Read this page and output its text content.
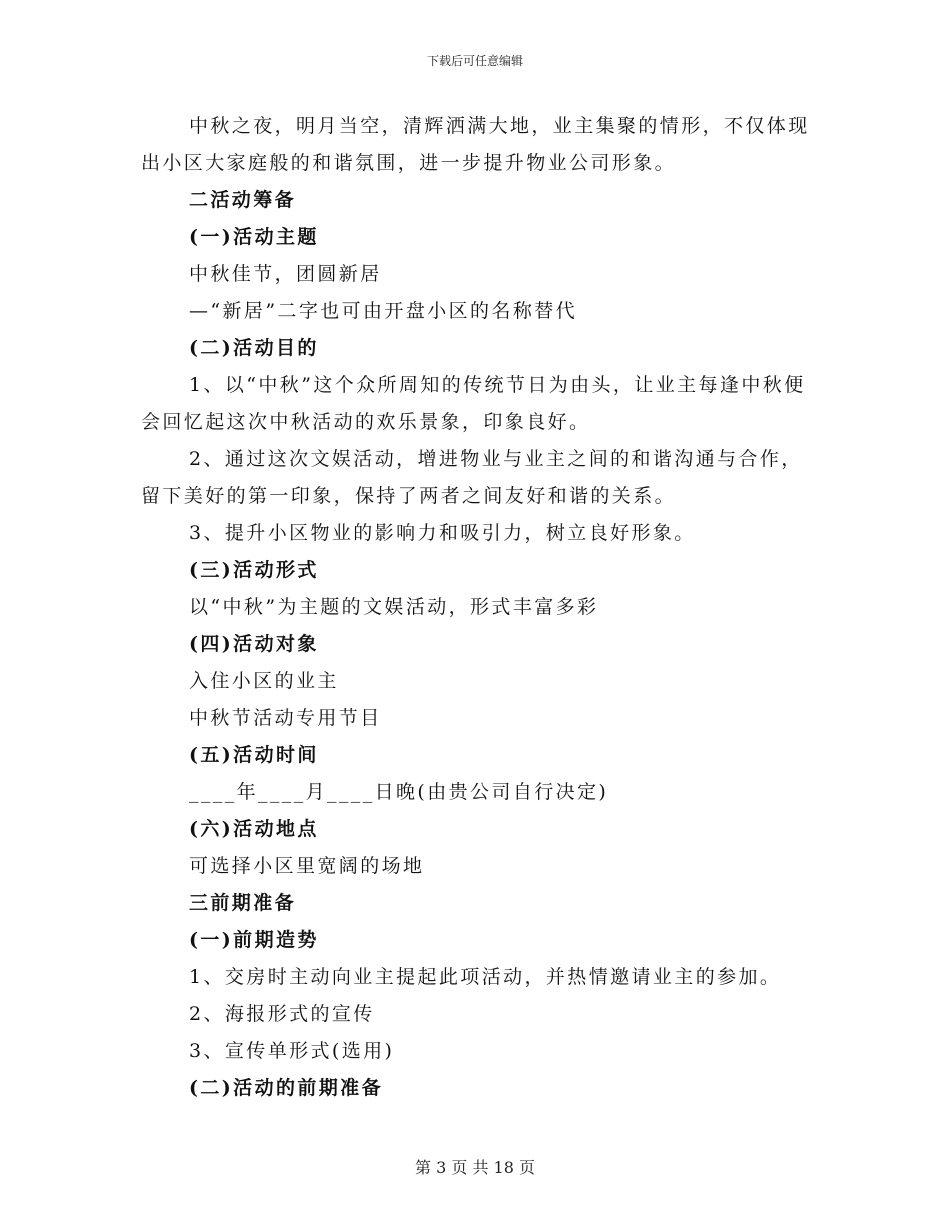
下载后可任意编辑

中秋之夜，明月当空，清辉洒满大地，业主集聚的情形，不仅体现出小区大家庭般的和谐氛围，进一步提升物业公司形象。

二活动筹备

(一)活动主题

中秋佳节，团圆新居

—“新居”二字也可由开盘小区的名称替代

(二)活动目的

1、以“中秋”这个众所周知的传统节日为由头，让业主每逢中秋便会回忆起这次中秋活动的欢乐景象，印象良好。

2、通过这次文娱活动，增进物业与业主之间的和谐沟通与合作，留下美好的第一印象，保持了两者之间友好和谐的关系。

3、提升小区物业的影响力和吸引力，树立良好形象。

(三)活动形式

以“中秋”为主题的文娱活动，形式丰富多彩

(四)活动对象

入住小区的业主

中秋节活动专用节目

(五)活动时间

____年____月____日晚(由贵公司自行决定)

(六)活动地点

可选择小区里宽阔的场地

三前期准备

(一)前期造势

1、交房时主动向业主提起此项活动，并热情邀请业主的参加。

2、海报形式的宣传

3、宣传单形式(选用)

(二)活动的前期准备

第 3 页 共 18 页
